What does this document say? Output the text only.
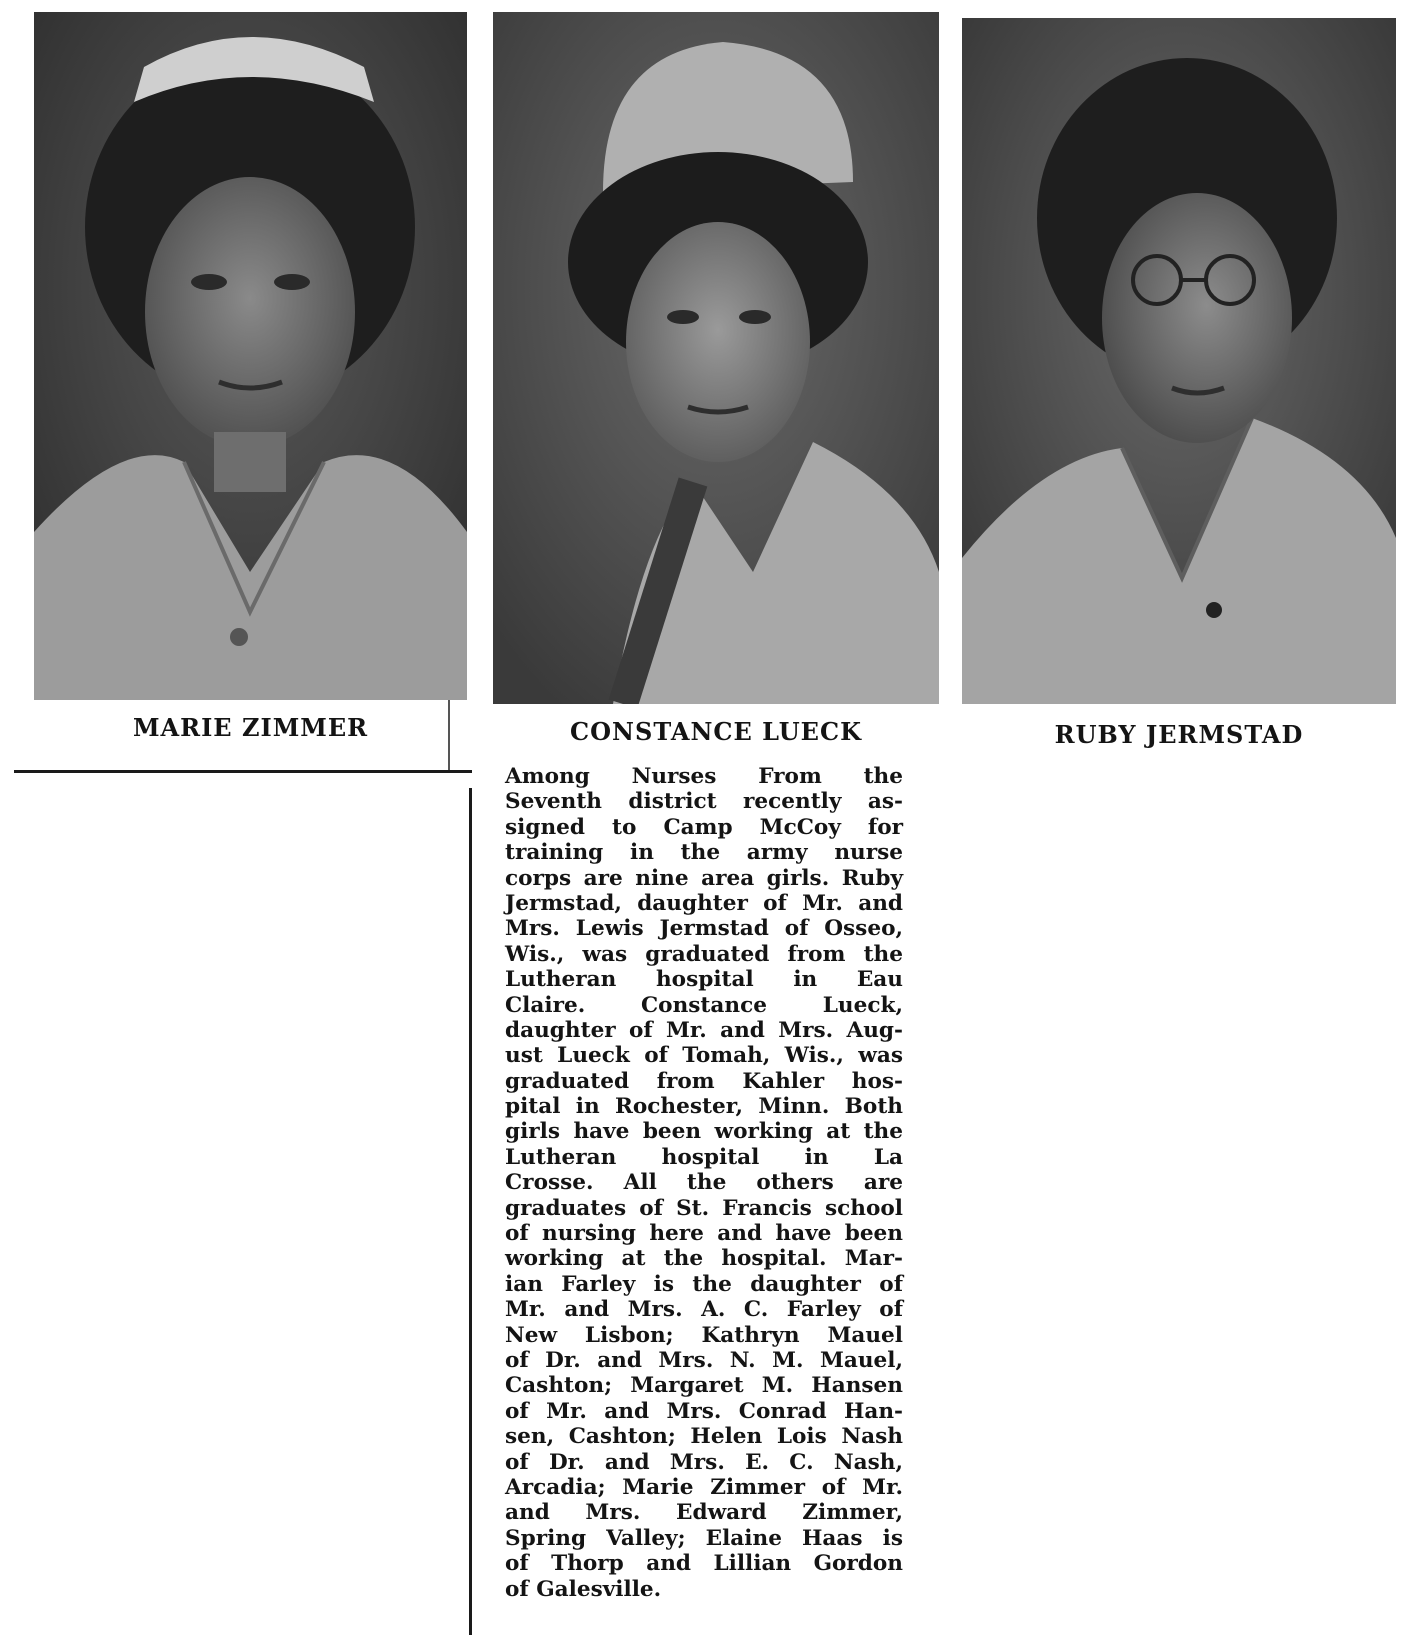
MARIE ZIMMER	CONSTANCE LUECK	RUBY JERMSTAD
Among Nurses From the
Seventh district recently as-
signed to Camp McCoy for
training in the army nurse
corps are nine area girls. Ruby
Jermstad, daughter of Mr. and
Mrs. Lewis Jermstad of Osseo,
Wis., was graduated from the
Lutheran hospital in Eau
Claire. Constance Lueck,
daughter of Mr. and Mrs. Aug-
ust Lueck of Tomah, Wis., was
graduated from Kahler hos-
pital in Rochester, Minn. Both
girls have been working at the
Lutheran hospital in La
Crosse. All the others are
graduates of St. Francis school
of nursing here and have been
working at the hospital. Mar-
ian Farley is the daughter of
Mr. and Mrs. A. C. Farley of
New Lisbon; Kathryn Mauel
of Dr. and Mrs. N. M. Mauel,
Cashton; Margaret M. Hansen
of Mr. and Mrs. Conrad Han-
sen, Cashton; Helen Lois Nash
of Dr. and Mrs. E. C. Nash,
Arcadia; Marie Zimmer of Mr.
and Mrs. Edward Zimmer,
Spring Valley; Elaine Haas is
of Thorp and Lillian Gordon
of Galesville.
